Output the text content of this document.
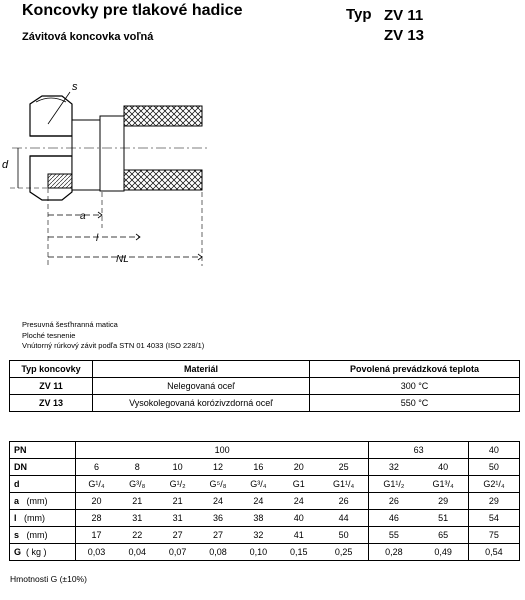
Koncovky pre tlakové hadice
Závitová koncovka voľná
Typ ZV 11
ZV 13
s
d
a
l
NL
Presuvná šesťhranná matica
Ploché tesnenie
Vnútorný rúrkový závit podľa STN 01 4033 (ISO 228/1)
Typ koncovky	Materiál	Povolená prevádzková teplota
ZV 11	Nelegovaná oceľ	300 °C
ZV 13	Vysokolegovaná korózivzdorná oceľ	550 °C
PN	100							63		40
DN	6	8	10	12	16	20	25	32	40	50
d	G¹/₄	G³/₈	G¹/₂	G⁵/₈	G³/₄	G1	G1¹/₄	G1¹/₂	G1³/₄	G2¹/₄
a (mm)	20	21	21	24	24	24	26	26	29	29
l (mm)	28	31	31	36	38	40	44	46	51	54
s (mm)	17	22	27	27	32	41	50	55	65	75
G ( kg )	0,03	0,04	0,07	0,08	0,10	0,15	0,25	0,28	0,49	0,54
Hmotnosti G (±10%)
